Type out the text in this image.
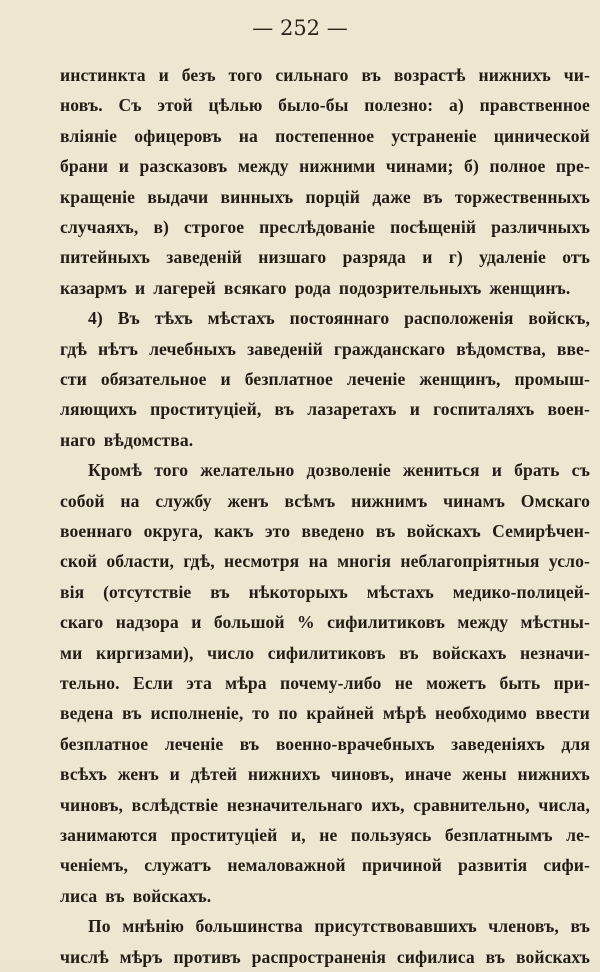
— 252 —
инстинкта и безъ того сильнаго въ возрастѣ нижнихъ чи-
новъ. Съ этой цѣлью было-бы полезно: а) правственное
вліяніе офицеровъ на постепенное устраненіе цинической
брани и разсказовъ между нижними чинами; б) полное пре-
кращеніе выдачи винныхъ порцій даже въ торжественныхъ
случаяхъ, в) строгое преслѣдованіе посѣщеній различныхъ
питейныхъ заведеній низшаго разряда и г) удаленіе отъ
казармъ и лагерей всякаго рода подозрительныхъ женщинъ.
4) Въ тѣхъ мѣстахъ постояннаго расположенія войскъ,
гдѣ нѣтъ лечебныхъ заведеній гражданскаго вѣдомства, вве-
сти обязательное и безплатное леченіе женщинъ, промыш-
ляющихъ проституціей, въ лазаретахъ и госпиталяхъ воен-
наго вѣдомства.
Кромѣ того желательно дозволеніе жениться и брать съ
собой на службу женъ всѣмъ нижнимъ чинамъ Омскаго
военнаго округа, какъ это введено въ войскахъ Семирѣчен-
ской области, гдѣ, несмотря на многія неблагопріятныя усло-
вія (отсутствіе въ нѣкоторыхъ мѣстахъ медико-полицей-
скаго надзора и большой % сифилитиковъ между мѣстны-
ми киргизами), число сифилитиковъ въ войскахъ незначи-
тельно. Если эта мѣра почему-либо не можетъ быть при-
ведена въ исполненіе, то по крайней мѣрѣ необходимо ввести
безплатное леченіе въ военно-врачебныхъ заведеніяхъ для
всѣхъ женъ и дѣтей нижнихъ чиновъ, иначе жены нижнихъ
чиновъ, вслѣдствіе незначительнаго ихъ, сравнительно, числа,
занимаются проституціей и, не пользуясь безплатнымъ ле-
ченіемъ, служатъ немаловажной причиной развитія сифи-
лиса въ войскахъ.
По мнѣнію большинства присутствовавшихъ членовъ, въ
числѣ мѣръ противъ распространенія сифилиса въ войскахъ
